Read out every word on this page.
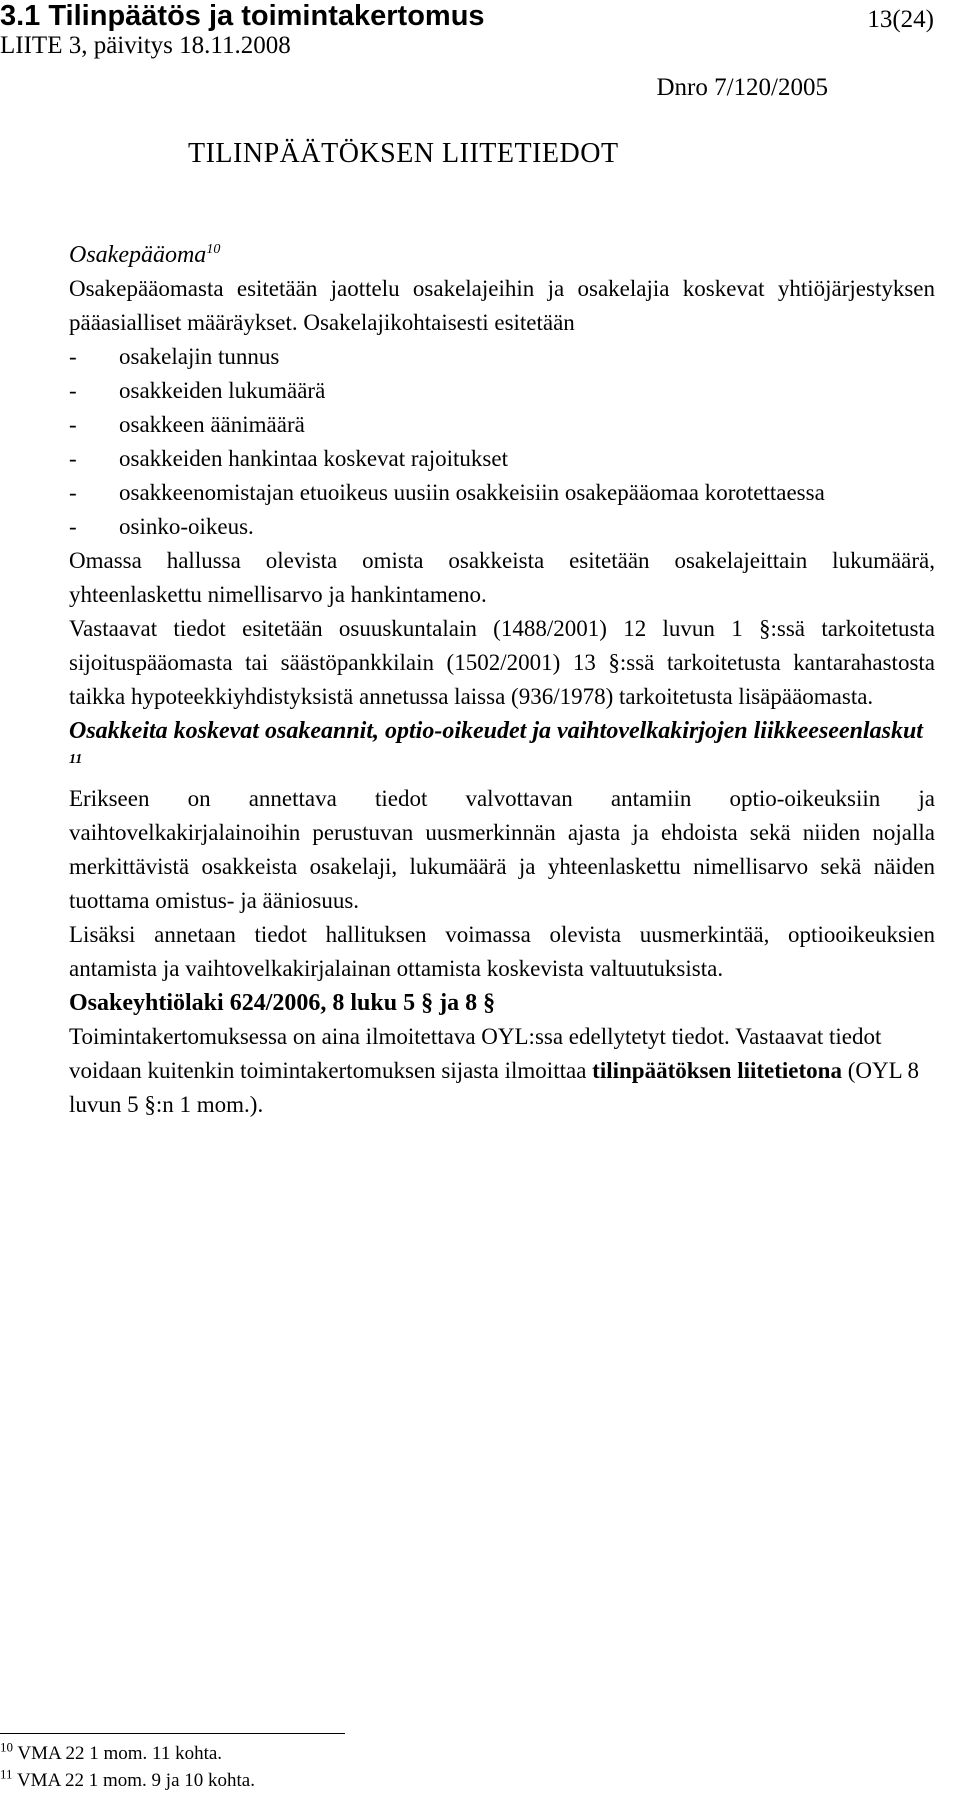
3.1 Tilinpäätös ja toimintakertomus
LIITE 3, päivitys 18.11.2008
13(24)
Dnro 7/120/2005
TILINPÄÄTÖKSEN LIITETIEDOT

Osakepääoma$^{10}$

Osakepääomasta esitetään jaottelu osakelajeihin ja osakelajia koskevat yhtiöjärjestyksen pääasialliset määräykset. Osakelajikohtaisesti esitetään

- osakelajin tunnus
- osakkeiden lukumäärä
- osakkeen äänimäärä
- osakkeiden hankintaa koskevat rajoitukset
- osakkeenomistajan etuoikeus uusiin osakkeisiin osakepääomaa korotettaessa
- osinko-oikeus.

Omassa hallussa olevista omista osakkeista esitetään osakelajeittain lukumäärä, yhteenlaskettu nimellisarvo ja hankintameno.

Vastaavat tiedot esitetään osuuskuntalain (1488/2001) 12 luvun 1 §:ssä tarkoitetusta sijoituspääomasta tai säästöpankkilain (1502/2001) 13 §:ssä tarkoitetusta kantarahastosta taikka hypoteekkiyhdistyksistä annetussa laissa (936/1978) tarkoitetusta lisäpääomasta.

Osakkeita koskevat osakeannit, optio-oikeudet ja vaihtovelkakirjojen liikkeeseenlaskut $^{11}$

Erikseen on annettava tiedot valvottavan antamiin optio-oikeuksiin ja vaihtovelkakirjalainoihin perustuvan uusmerkinnän ajasta ja ehdoista sekä niiden nojalla merkittävistä osakkeista osakelaji, lukumäärä ja yhteenlaskettu nimellisarvo sekä näiden tuottama omistus- ja ääniosuus.

Lisäksi annetaan tiedot hallituksen voimassa olevista uusmerkintää, optiooikeuksien antamista ja vaihtovelkakirjalainan ottamista koskevista valtuutuksista.

Osakeyhtiölaki 624/2006, 8 luku 5 § ja 8 §

Toimintakertomuksessa on aina ilmoitettava OYL:ssa edellytetyt tiedot. Vastaavat tiedot voidaan kuitenkin toimintakertomuksen sijasta ilmoittaa tilinpäätöksen liitetietona (OYL 8 luvun 5 §:n 1 mom.).

$^{10}$ VMA 22 1 mom. 11 kohta.
$^{11}$ VMA 22 1 mom. 9 ja 10 kohta.
